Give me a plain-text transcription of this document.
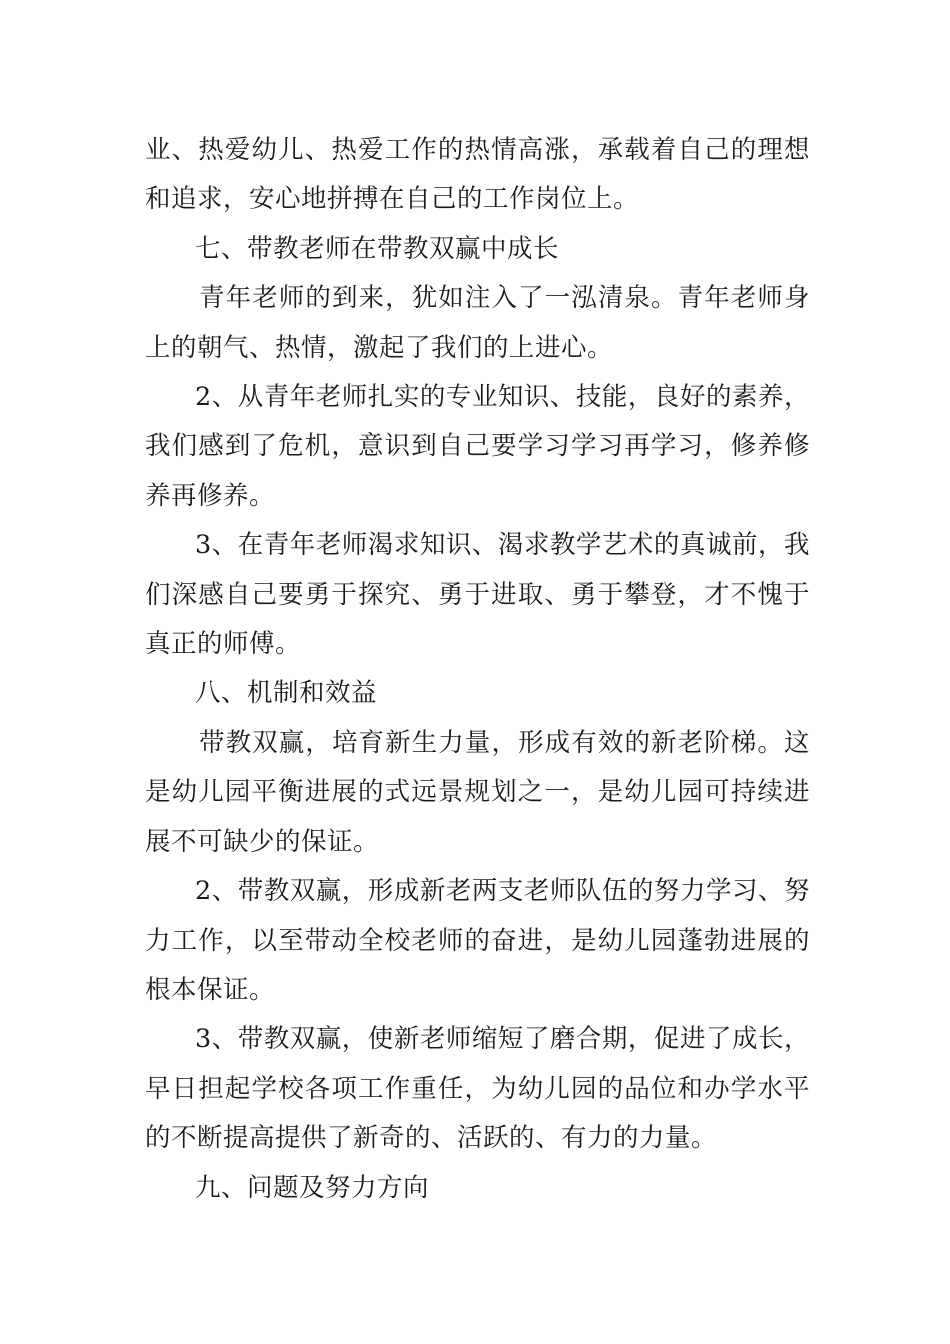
业、热爱幼儿、热爱工作的热情高涨，承载着自己的理想和追求，安心地拼搏在自己的工作岗位上。

七、带教老师在带教双赢中成长

青年老师的到来，犹如注入了一泓清泉。青年老师身上的朝气、热情，激起了我们的上进心。

2、从青年老师扎实的专业知识、技能，良好的素养，我们感到了危机，意识到自己要学习学习再学习，修养修养再修养。

3、在青年老师渴求知识、渴求教学艺术的真诚前，我们深感自己要勇于探究、勇于进取、勇于攀登，才不愧于真正的师傅。

八、机制和效益

带教双赢，培育新生力量，形成有效的新老阶梯。这是幼儿园平衡进展的式远景规划之一，是幼儿园可持续进展不可缺少的保证。

2、带教双赢，形成新老两支老师队伍的努力学习、努力工作，以至带动全校老师的奋进，是幼儿园蓬勃进展的根本保证。

3、带教双赢，使新老师缩短了磨合期，促进了成长，早日担起学校各项工作重任，为幼儿园的品位和办学水平的不断提高提供了新奇的、活跃的、有力的力量。

九、问题及努力方向
